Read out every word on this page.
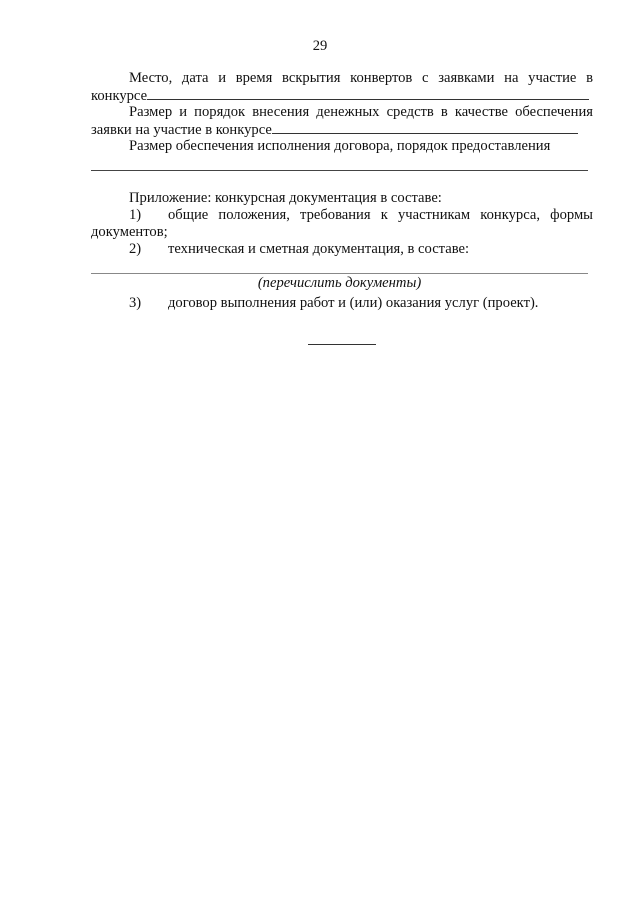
29

Место, дата и время вскрытия конвертов с заявками на участие в

конкурсе

Размер и порядок внесения денежных средств в качестве обеспечения

заявки на участие в конкурсе

Размер обеспечения исполнения договора, порядок предоставления

Приложение: конкурсная документация в составе:

1) общие положения, требования к участникам конкурса, формы
документов;
2) техническая и сметная документация, в составе:
(перечислить документы)
3) договор выполнения работ и (или) оказания услуг (проект).
